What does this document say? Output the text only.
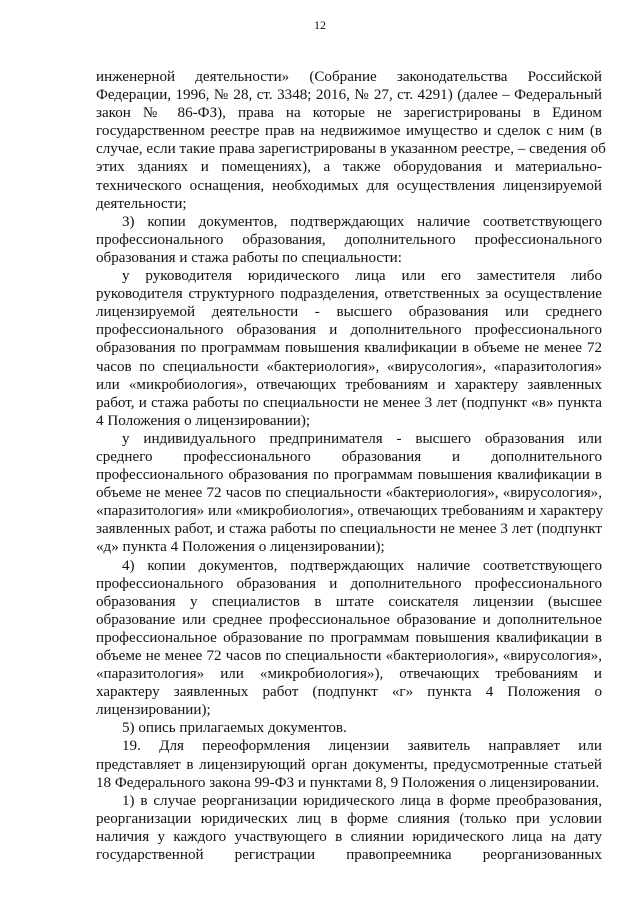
12
инженерной деятельности» (Собрание законодательства Российской
Федерации, 1996, № 28, ст. 3348; 2016, № 27, ст. 4291) (далее – Федеральный
закон № 86-ФЗ), права на которые не зарегистрированы в Едином
государственном реестре прав на недвижимое имущество и сделок с ним (в
случае, если такие права зарегистрированы в указанном реестре, – сведения об
этих зданиях и помещениях), а также оборудования и материально-
технического оснащения, необходимых для осуществления лицензируемой
деятельности;
3) копии документов, подтверждающих наличие соответствующего
профессионального образования, дополнительного профессионального
образования и стажа работы по специальности:
у руководителя юридического лица или его заместителя либо
руководителя структурного подразделения, ответственных за осуществление
лицензируемой деятельности - высшего образования или среднего
профессионального образования и дополнительного профессионального
образования по программам повышения квалификации в объеме не менее 72
часов по специальности «бактериология», «вирусология», «паразитология»
или «микробиология», отвечающих требованиям и характеру заявленных
работ, и стажа работы по специальности не менее 3 лет (подпункт «в» пункта
4 Положения о лицензировании);
у индивидуального предпринимателя - высшего образования или
среднего профессионального образования и дополнительного
профессионального образования по программам повышения квалификации в
объеме не менее 72 часов по специальности «бактериология», «вирусология»,
«паразитология» или «микробиология», отвечающих требованиям и характеру
заявленных работ, и стажа работы по специальности не менее 3 лет (подпункт
«д» пункта 4 Положения о лицензировании);
4) копии документов, подтверждающих наличие соответствующего
профессионального образования и дополнительного профессионального
образования у специалистов в штате соискателя лицензии (высшее
образование или среднее профессиональное образование и дополнительное
профессиональное образование по программам повышения квалификации в
объеме не менее 72 часов по специальности «бактериология», «вирусология»,
«паразитология» или «микробиология»), отвечающих требованиям и
характеру заявленных работ (подпункт «г» пункта 4 Положения о
лицензировании);
5) опись прилагаемых документов.
19. Для переоформления лицензии заявитель направляет или
представляет в лицензирующий орган документы, предусмотренные статьей
18 Федерального закона 99-ФЗ и пунктами 8, 9 Положения о лицензировании.
1) в случае реорганизации юридического лица в форме преобразования,
реорганизации юридических лиц в форме слияния (только при условии
наличия у каждого участвующего в слиянии юридического лица на дату
государственной регистрации правопреемника реорганизованных
